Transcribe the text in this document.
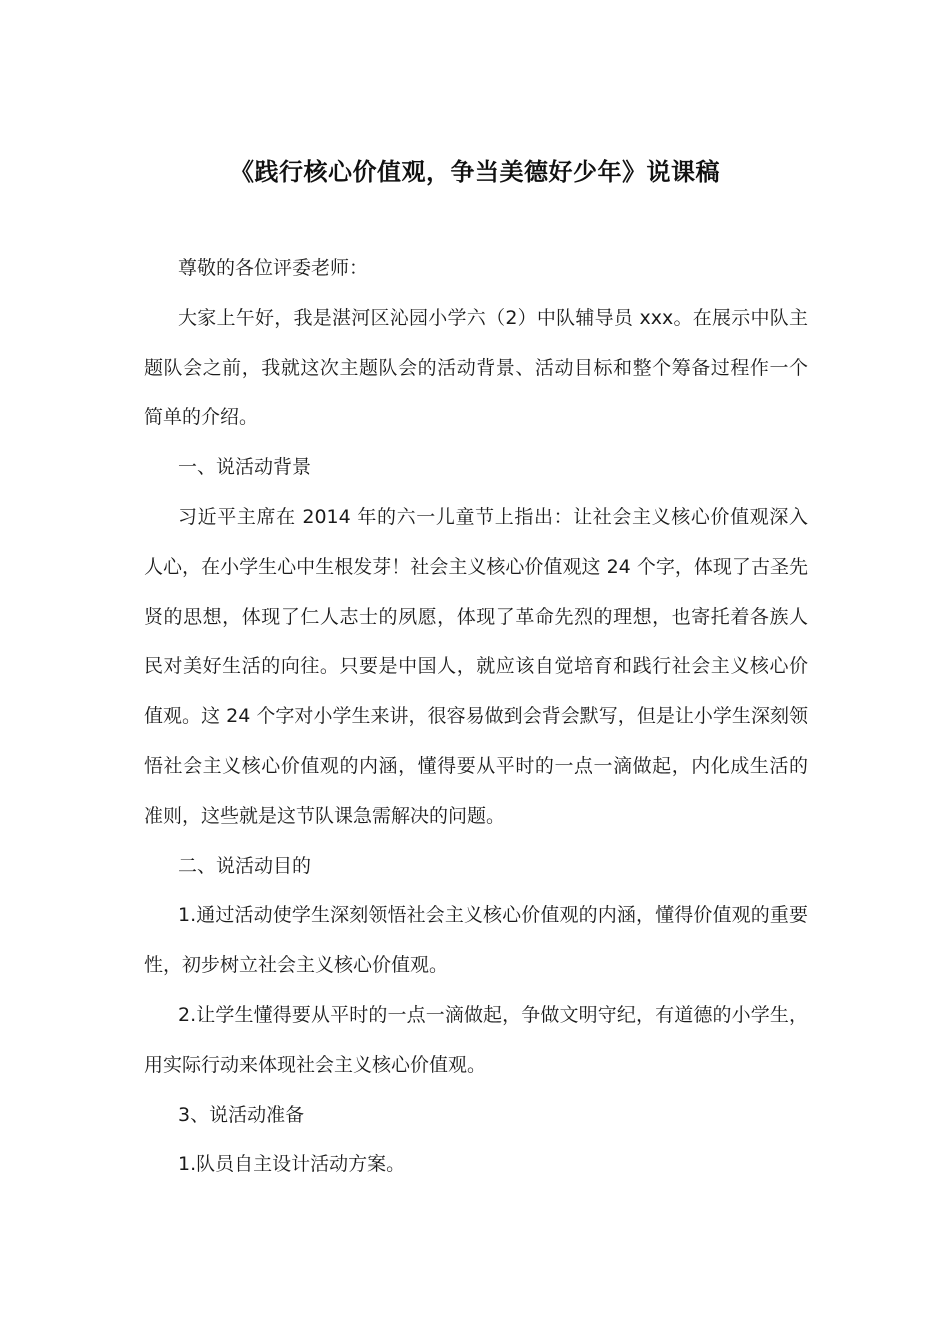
《践行核心价值观，争当美德好少年》说课稿

尊敬的各位评委老师：

大家上午好，我是湛河区沁园小学六（2）中队辅导员 xxx。在展示中队主题队会之前，我就这次主题队会的活动背景、活动目标和整个筹备过程作一个简单的介绍。

一、说活动背景

习近平主席在 2014 年的六一儿童节上指出：让社会主义核心价值观深入人心，在小学生心中生根发芽！社会主义核心价值观这 24 个字，体现了古圣先贤的思想，体现了仁人志士的夙愿，体现了革命先烈的理想，也寄托着各族人民对美好生活的向往。只要是中国人，就应该自觉培育和践行社会主义核心价值观。这 24 个字对小学生来讲，很容易做到会背会默写，但是让小学生深刻领悟社会主义核心价值观的内涵，懂得要从平时的一点一滴做起，内化成生活的准则，这些就是这节队课急需解决的问题。

二、说活动目的

1.通过活动使学生深刻领悟社会主义核心价值观的内涵，懂得价值观的重要性，初步树立社会主义核心价值观。

2.让学生懂得要从平时的一点一滴做起，争做文明守纪，有道德的小学生，用实际行动来体现社会主义核心价值观。

3、说活动准备

1.队员自主设计活动方案。
